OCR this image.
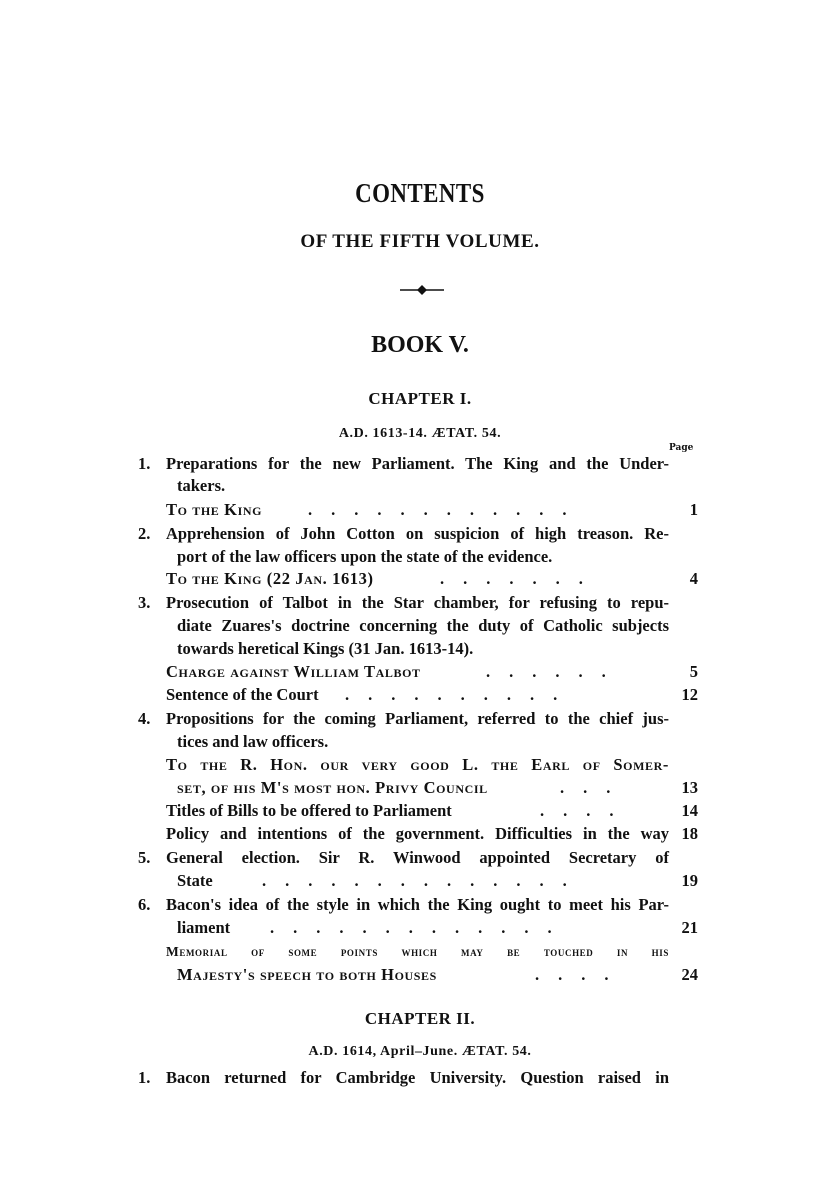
CONTENTS
OF THE FIFTH VOLUME.
BOOK V.
CHAPTER I.
A.D. 1613-14. ÆTAT. 54.
Page
1. Preparations for the new Parliament. The King and the Under-
takers.
To the King	............	1
2. Apprehension of John Cotton on suspicion of high treason. Re-
port of the law officers upon the state of the evidence.
To the King (22 Jan. 1613)	.......	4
3. Prosecution of Talbot in the Star chamber, for refusing to repu-
diate Zuares's doctrine concerning the duty of Catholic subjects
towards heretical Kings (31 Jan. 1613-14).
Charge against William Talbot	......	5
Sentence of the Court ..........	12
4. Propositions for the coming Parliament, referred to the chief jus-
tices and law officers.
To the R. Hon. our very good L. the Earl of Somer-
set, of his M's most hon. Privy Council	...	13
Titles of Bills to be offered to Parliament	....	14
Policy and intentions of the government. Difficulties in the way 18
5. General election. Sir R. Winwood appointed Secretary of
State	..............	19
6. Bacon's idea of the style in which the King ought to meet his Par-
liament .............	21
Memorial of some points which may be touched in his
Majesty's speech to both Houses	....	24
CHAPTER II.
A.D. 1614, April–June. ÆTAT. 54.
1. Bacon returned for Cambridge University. Question raised in
